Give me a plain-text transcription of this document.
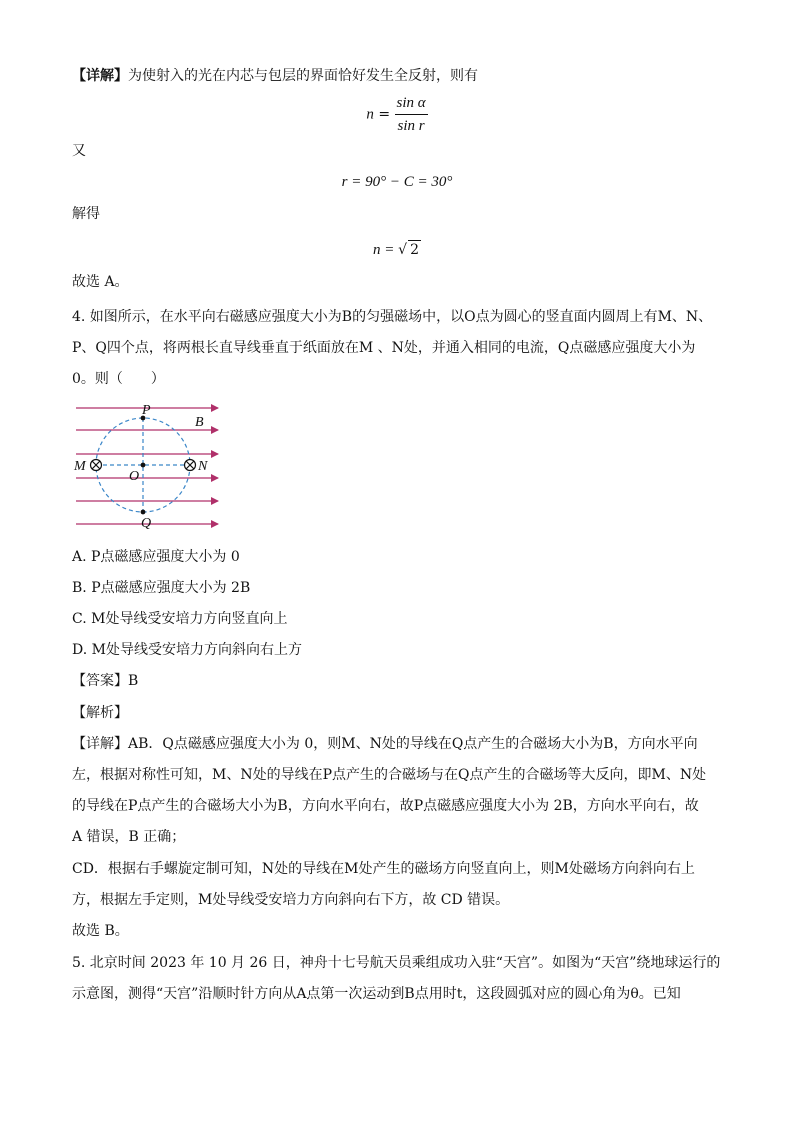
【详解】为使射入的光在内芯与包层的界面恰好发生全反射，则有
$n = \frac{\text{sin α}}{\text{sin r}}$
又
r = 90° − C = 30°
解得
n = √ 2
故选 A。
4. 如图所示，在水平向右磁感应强度大小为B的匀强磁场中，以O点为圆心的竖直面内圆周上有M、N、
P、Q四个点，将两根长直导线垂直于纸面放在M 、N处，并通入相同的电流，Q点磁感应强度大小为
0。则（　　）
P
B
M	N
O
Q
A. P点磁感应强度大小为 0
B. P点磁感应强度大小为 2B
C. M处导线受安培力方向竖直向上
D. M处导线受安培力方向斜向右上方
【答案】B
【解析】
【详解】AB．Q点磁感应强度大小为 0，则M、N处的导线在Q点产生的合磁场大小为B，方向水平向
左，根据对称性可知，M、N处的导线在P点产生的合磁场与在Q点产生的合磁场等大反向，即M、N处
的导线在P点产生的合磁场大小为B，方向水平向右，故P点磁感应强度大小为 2B，方向水平向右，故
A 错误，B 正确；
CD．根据右手螺旋定制可知，N处的导线在M处产生的磁场方向竖直向上，则M处磁场方向斜向右上
方，根据左手定则，M处导线受安培力方向斜向右下方，故 CD 错误。
故选 B。
5. 北京时间 2023 年 10 月 26 日，神舟十七号航天员乘组成功入驻“天宫”。如图为“天宫”绕地球运行的
示意图，测得“天宫”沿顺时针方向从A点第一次运动到B点用时t，这段圆弧对应的圆心角为θ。已知
